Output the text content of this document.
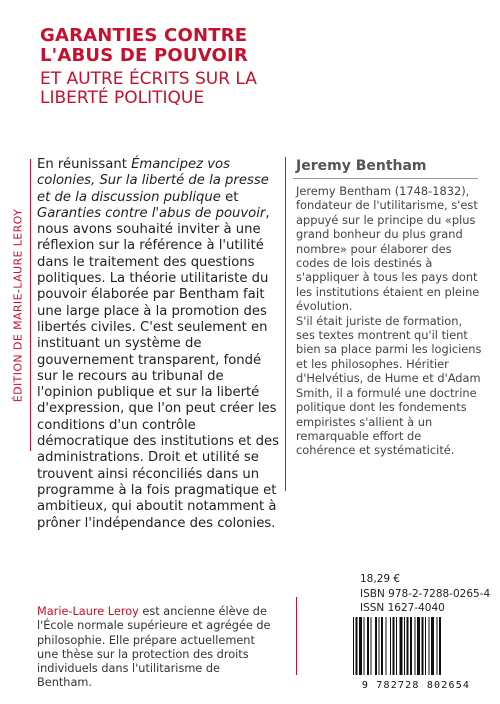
GARANTIES CONTRE
L'ABUS DE POUVOIR
ET AUTRE ÉCRITS SUR LA
LIBERTÉ POLITIQUE
ÉDITION DE MARIE-LAURE LEROY

En réunissant Émancipez vos colonies, Sur la liberté de la presse et de la discussion publique et Garanties contre l'abus de pouvoir, nous avons souhaité inviter à une réflexion sur la référence à l'utilité dans le traitement des questions politiques. La théorie utilitariste du pouvoir élaborée par Bentham fait une large place à la promotion des libertés civiles. C'est seulement en instituant un système de gouvernement transparent, fondé sur le recours au tribunal de l'opinion publique et sur la liberté d'expression, que l'on peut créer les conditions d'un contrôle démocratique des institutions et des administrations. Droit et utilité se trouvent ainsi réconciliés dans un programme à la fois pragmatique et ambitieux, qui aboutit notamment à prôner l'indépendance des colonies.

Jeremy Bentham

Jeremy Bentham (1748-1832), fondateur de l'utilitarisme, s'est appuyé sur le principe du «plus grand bonheur du plus grand nombre» pour élaborer des codes de lois destinés à s'appliquer à tous les pays dont les institutions étaient en pleine évolution.

S'il était juriste de formation, ses textes montrent qu'il tient bien sa place parmi les logiciens et les philosophes. Héritier d'Helvétius, de Hume et d'Adam Smith, il a formulé une doctrine politique dont les fondements empiristes s'allient à un remarquable effort de cohérence et systématicité.

Marie-Laure Leroy est ancienne élève de l'École normale supérieure et agrégée de philosophie. Elle prépare actuellement une thèse sur la protection des droits individuels dans l'utilitarisme de Bentham.
18,29 €
ISBN 978-2-7288-0265-4
ISSN 1627-4040
9 782728 802654
